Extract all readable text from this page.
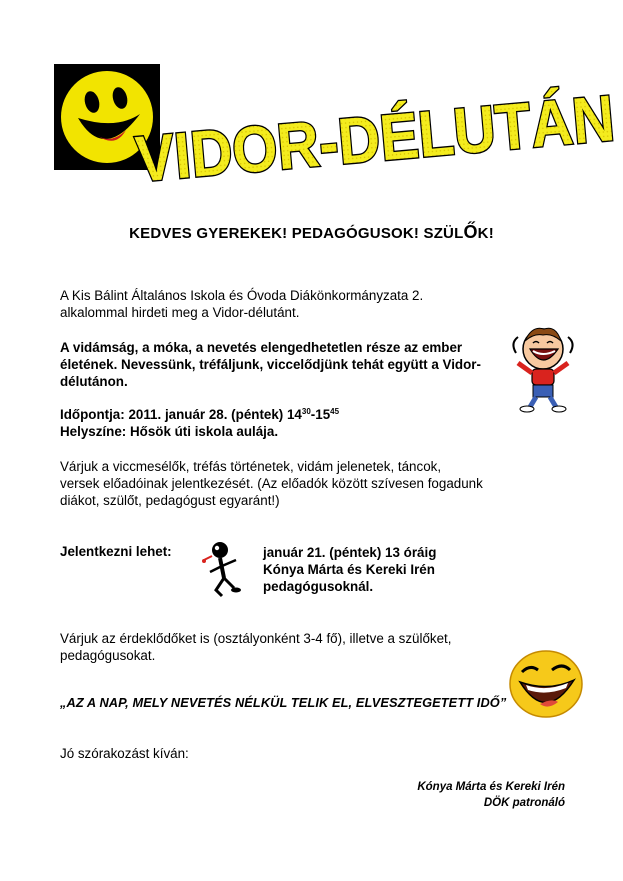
VIDOR-DÉLUTÁN
KEDVES GYEREKEK! PEDAGÓGUSOK! SZÜLŐK!
A Kis Bálint Általános Iskola és Óvoda Diákönkormányzata 2.
alkalommal hirdeti meg a Vidor-délutánt.
A vidámság, a móka, a nevetés elengedhetetlen része az ember
életének. Nevessünk, tréfáljunk, viccelődjünk tehát együtt a Vidor-
délutánon.
Időpontja: 2011. január 28. (péntek) $14^{30}-15^{45}$
Helyszíne: Hősök úti iskola aulája.
Várjuk a viccmesélők, tréfás történetek, vidám jelenetek, táncok,
versek előadóinak jelentkezését. (Az előadók között szívesen fogadunk
diákot, szülőt, pedagógust egyaránt!)
Jelentkezni lehet:	január 21. (péntek) 13 óráig
Kónya Márta és Kereki Irén
pedagógusoknál.
Várjuk az érdeklődőket is (osztályonként 3-4 fő), illetve a szülőket,
pedagógusokat.
„AZ A NAP, MELY NEVETÉS NÉLKÜL TELIK EL, ELVESZTEGETETT IDŐ”
Jó szórakozást kíván:
Kónya Márta és Kereki Irén
DÖK patronáló
